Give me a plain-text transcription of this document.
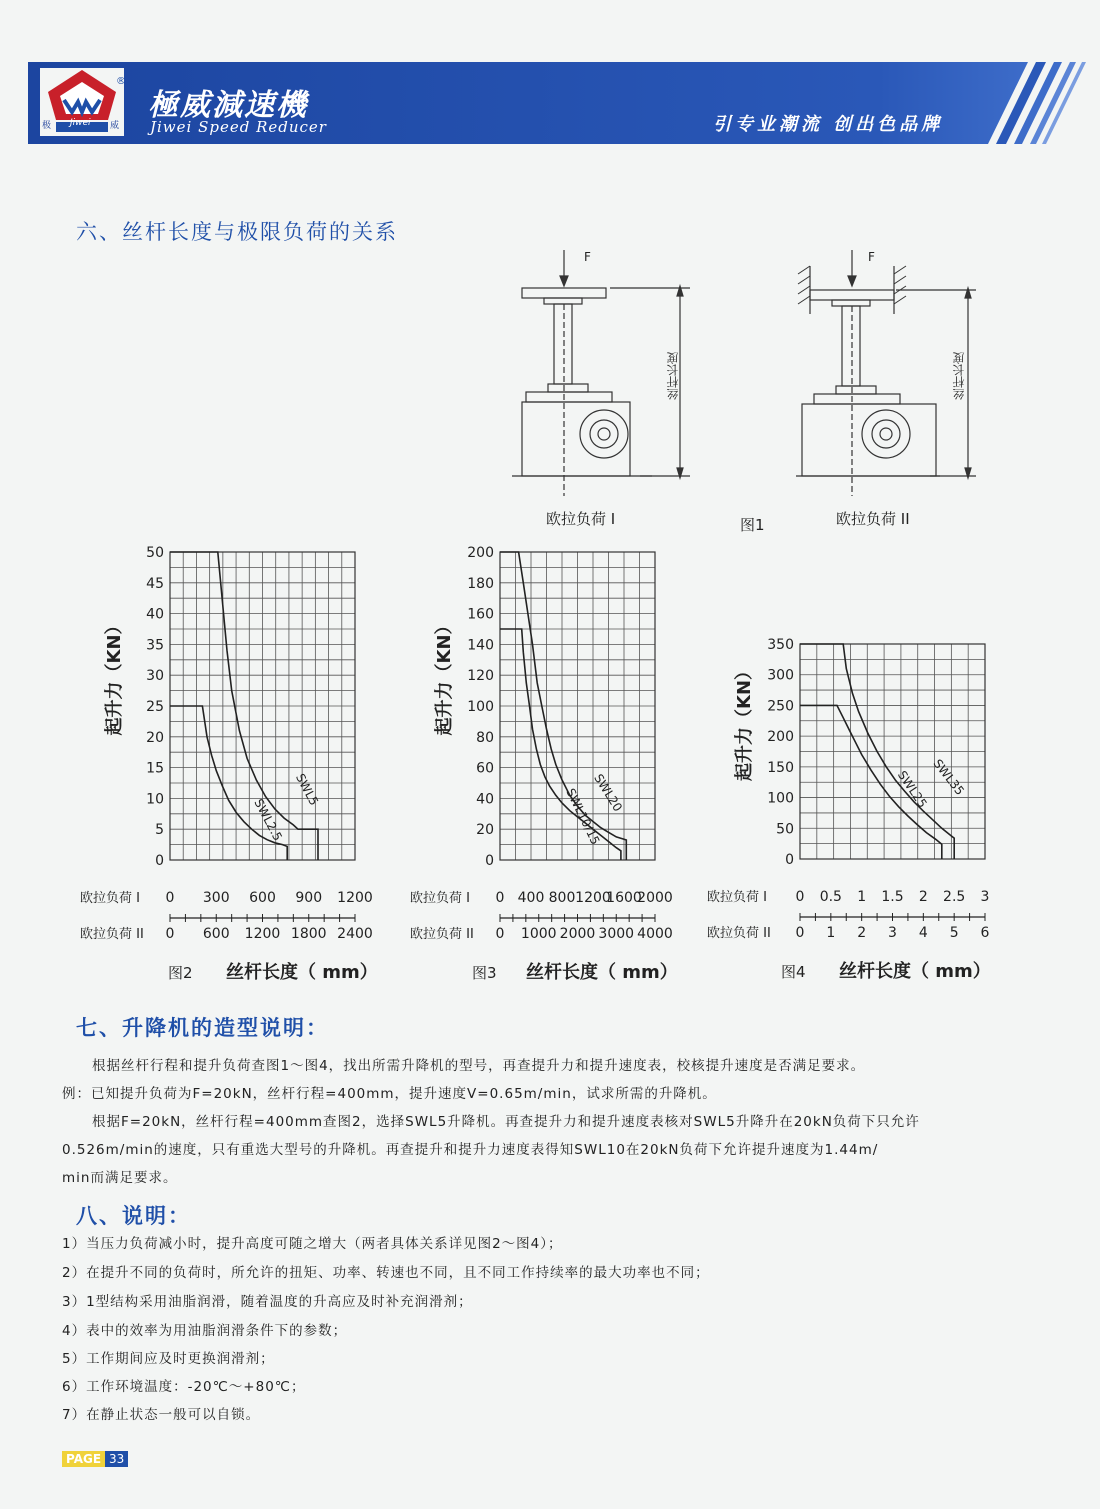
极 Jiwei 威
®
極威減速機
Jiwei Speed Reducer	引专业潮流 创出色品牌
六、丝杆长度与极限负荷的关系
F	F
丝杆长度	丝杆长度
欧拉负荷 I	图1	欧拉负荷 II
0
5
10
15
20
25
30
35
40
45
50
起升力（KN）
SWL5
SWL2.5
欧拉负荷 I
欧拉负荷 II
0 300 600 900 1200
0 600 1200 1800 2400
图2 丝杆长度（ mm）
0
20
40
60
80
100
120
140
160
180
200
起升力（KN）
SWL20
SWL10/15
欧拉负荷 I
欧拉负荷 II
0 400 800 1200
1600
2000
0 1000 2000 3000 4000
图3 丝杆长度（ mm）
0
50
100
150
200
250
300
350
起升力（KN）	SWL35
SWL25
欧拉负荷 I
欧拉负荷 II
0 0.5 1 1.5 2 2.5 3
0 1 2 3 4 5 6
图4 丝杆长度（ mm）
七、升降机的造型说明：
根据丝杆行程和提升负荷查图1～图4，找出所需升降机的型号，再查提升力和提升速度表，校核提升速度是否满足要求。
例：已知提升负荷为F=20kN，丝杆行程=400mm，提升速度V=0.65m/min，试求所需的升降机。
根据F=20kN，丝杆行程=400mm查图2，选择SWL5升降机。再查提升力和提升速度表核对SWL5升降升在20kN负荷下只允许
0.526m/min的速度，只有重选大型号的升降机。再查提升和提升力速度表得知SWL10在20kN负荷下允许提升速度为1.44m/
min而满足要求。
八、说明：
1）当压力负荷减小时，提升高度可随之增大（两者具体关系详见图2～图4）；
2）在提升不同的负荷时，所允许的扭矩、功率、转速也不同，且不同工作持续率的最大功率也不同；
3）1型结构采用油脂润滑，随着温度的升高应及时补充润滑剂；
4）表中的效率为用油脂润滑条件下的参数；
5）工作期间应及时更换润滑剂；
6）工作环境温度：-20℃～+80℃；
7）在静止状态一般可以自锁。
PAGE 33
